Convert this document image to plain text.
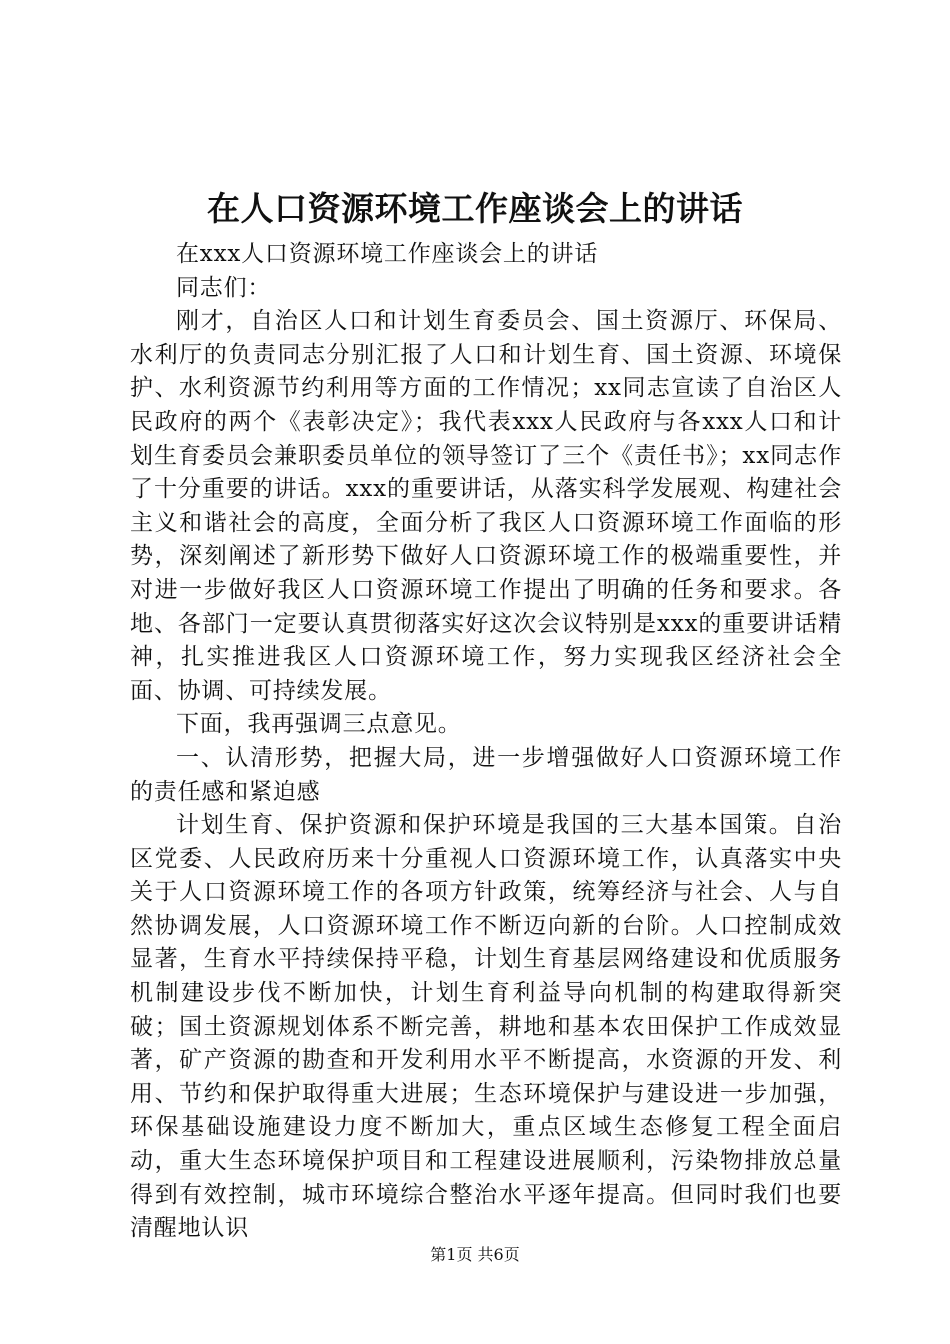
在人口资源环境工作座谈会上的讲话

在xxx人口资源环境工作座谈会上的讲话

同志们：

刚才，自治区人口和计划生育委员会、国土资源厅、环保局、水利厅的负责同志分别汇报了人口和计划生育、国土资源、环境保护、水利资源节约利用等方面的工作情况；xx同志宣读了自治区人民政府的两个《表彰决定》；我代表xxx人民政府与各xxx人口和计划生育委员会兼职委员单位的领导签订了三个《责任书》；xx同志作了十分重要的讲话。xxx的重要讲话，从落实科学发展观、构建社会主义和谐社会的高度，全面分析了我区人口资源环境工作面临的形势，深刻阐述了新形势下做好人口资源环境工作的极端重要性，并对进一步做好我区人口资源环境工作提出了明确的任务和要求。各地、各部门一定要认真贯彻落实好这次会议特别是xxx的重要讲话精神，扎实推进我区人口资源环境工作，努力实现我区经济社会全面、协调、可持续发展。

下面，我再强调三点意见。

一、认清形势，把握大局，进一步增强做好人口资源环境工作的责任感和紧迫感

计划生育、保护资源和保护环境是我国的三大基本国策。自治区党委、人民政府历来十分重视人口资源环境工作，认真落实中央关于人口资源环境工作的各项方针政策，统筹经济与社会、人与自然协调发展，人口资源环境工作不断迈向新的台阶。人口控制成效显著，生育水平持续保持平稳，计划生育基层网络建设和优质服务机制建设步伐不断加快，计划生育利益导向机制的构建取得新突破；国土资源规划体系不断完善，耕地和基本农田保护工作成效显著，矿产资源的勘查和开发利用水平不断提高，水资源的开发、利用、节约和保护取得重大进展；生态环境保护与建设进一步加强，环保基础设施建设力度不断加大，重点区域生态修复工程全面启动，重大生态环境保护项目和工程建设进展顺利，污染物排放总量得到有效控制，城市环境综合整治水平逐年提高。但同时我们也要清醒地认识

第1页 共6页
